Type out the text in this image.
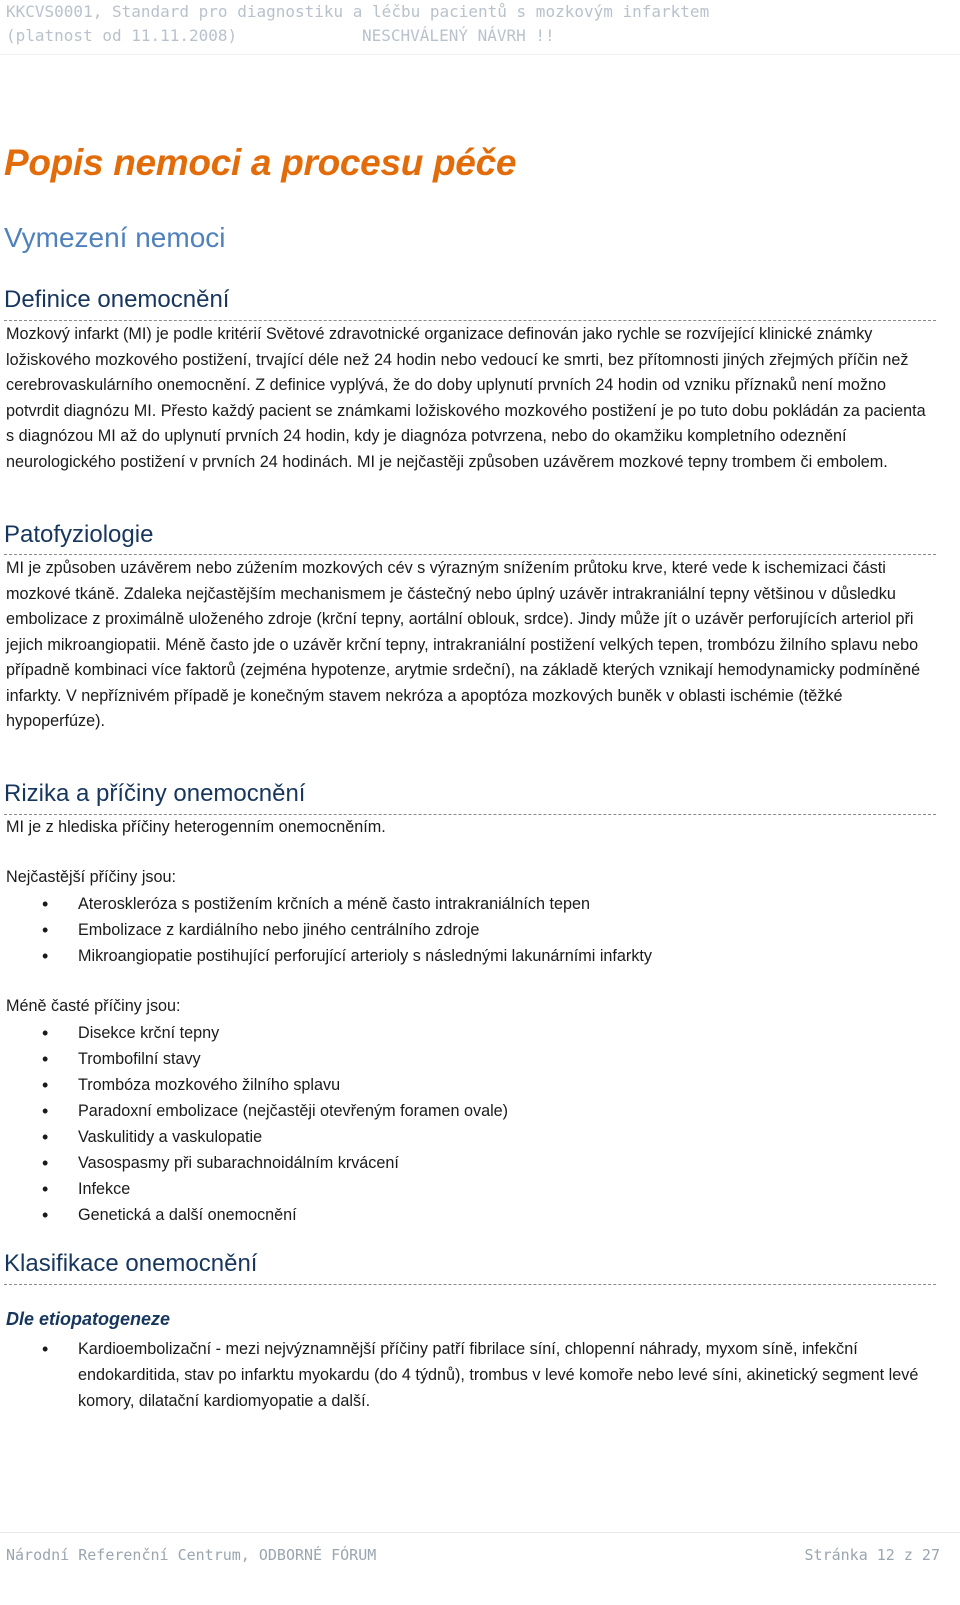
KKCVS0001, Standard pro diagnostiku a léčbu pacientů s mozkovým infarktem
(platnost od 11.11.2008)	NESCHVÁLENÝ NÁVRH !!
Popis nemoci a procesu péče
Vymezení nemoci
Definice onemocnění

Mozkový infarkt (MI) je podle kritérií Světové zdravotnické organizace definován jako rychle se rozvíjející klinické známky ložiskového mozkového postižení, trvající déle než 24 hodin nebo vedoucí ke smrti, bez přítomnosti jiných zřejmých příčin než cerebrovaskulárního onemocnění. Z definice vyplývá, že do doby uplynutí prvních 24 hodin od vzniku příznaků není možno potvrdit diagnózu MI. Přesto každý pacient se známkami ložiskového mozkového postižení je po tuto dobu pokládán za pacienta s diagnózou MI až do uplynutí prvních 24 hodin, kdy je diagnóza potvrzena, nebo do okamžiku kompletního odeznění neurologického postižení v prvních 24 hodinách. MI je nejčastěji způsoben uzávěrem mozkové tepny trombem či embolem.

Patofyziologie

MI je způsoben uzávěrem nebo zúžením mozkových cév s výrazným snížením průtoku krve, které vede k ischemizaci části mozkové tkáně. Zdaleka nejčastějším mechanismem je částečný nebo úplný uzávěr intrakraniální tepny většinou v důsledku embolizace z proximálně uloženého zdroje (krční tepny, aortální oblouk, srdce). Jindy může jít o uzávěr perforujících arteriol při jejich mikroangiopatii. Méně často jde o uzávěr krční tepny, intrakraniální postižení velkých tepen, trombózu žilního splavu nebo případně kombinaci více faktorů (zejména hypotenze, arytmie srdeční), na základě kterých vznikají hemodynamicky podmíněné infarkty. V nepříznivém případě je konečným stavem nekróza a apoptóza mozkových buněk v oblasti ischémie (těžké hypoperfúze).

Rizika a příčiny onemocnění

MI je z hlediska příčiny heterogenním onemocněním.

Nejčastější příčiny jsou:

• Ateroskleróza s postižením krčních a méně často intrakraniálních tepen
• Embolizace z kardiálního nebo jiného centrálního zdroje
• Mikroangiopatie postihující perforující arterioly s následnými lakunárními infarkty

Méně časté příčiny jsou:

• Disekce krční tepny
• Trombofilní stavy
• Trombóza mozkového žilního splavu
• Paradoxní embolizace (nejčastěji otevřeným foramen ovale)
• Vaskulitidy a vaskulopatie
• Vasospasmy při subarachnoidálním krvácení
• Infekce
• Genetická a další onemocnění
Klasifikace onemocnění
Dle etiopatogeneze
• Kardioembolizační - mezi nejvýznamnější příčiny patří fibrilace síní, chlopenní náhrady, myxom síně, infekční endokarditida, stav po infarktu myokardu (do 4 týdnů), trombus v levé komoře nebo levé síni, akinetický segment levé komory, dilatační kardiomyopatie a další.
Národní Referenční Centrum, ODBORNÉ FÓRUM	Stránka 12 z 27
